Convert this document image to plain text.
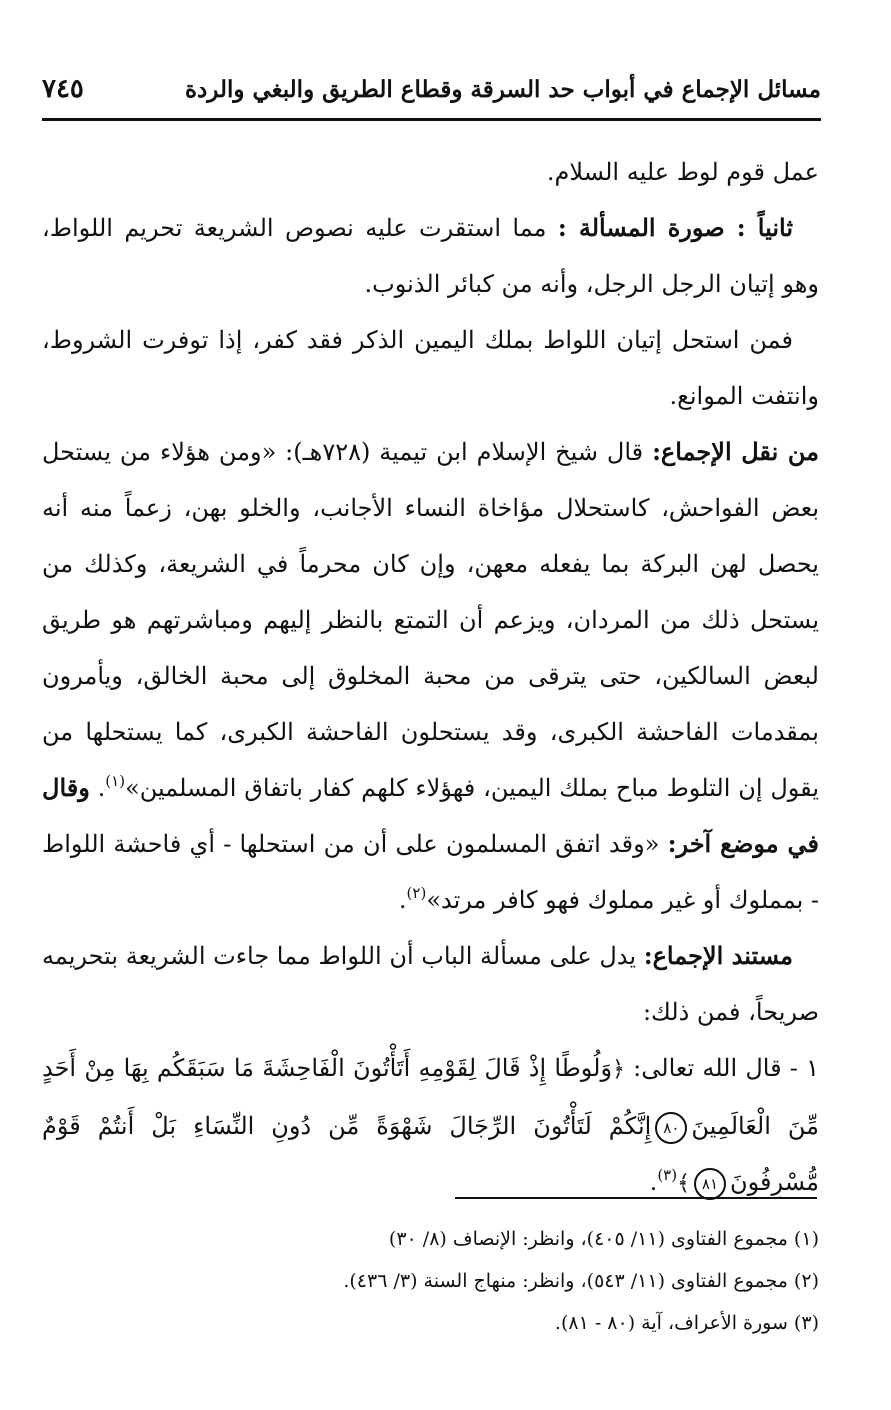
مسائل الإجماع في أبواب حد السرقة وقطاع الطريق والبغي والردة
٧٤٥

عمل قوم لوط عليه السلام.

ثانياً : صورة المسألة : مما استقرت عليه نصوص الشريعة تحريم اللواط، وهو إتيان الرجل الرجل، وأنه من كبائر الذنوب.

فمن استحل إتيان اللواط بملك اليمين الذكر فقد كفر، إذا توفرت الشروط، وانتفت الموانع.

من نقل الإجماع: قال شيخ الإسلام ابن تيمية (٧٢٨هـ): «ومن هؤلاء من يستحل بعض الفواحش، كاستحلال مؤاخاة النساء الأجانب، والخلو بهن، زعماً منه أنه يحصل لهن البركة بما يفعله معهن، وإن كان محرماً في الشريعة، وكذلك من يستحل ذلك من المردان، ويزعم أن التمتع بالنظر إليهم ومباشرتهم هو طريق لبعض السالكين، حتى يترقى من محبة المخلوق إلى محبة الخالق، ويأمرون بمقدمات الفاحشة الكبرى، وقد يستحلون الفاحشة الكبرى، كما يستحلها من يقول إن التلوط مباح بملك اليمين، فهؤلاء كلهم كفار باتفاق المسلمين»$^{(١)}$. وقال في موضع آخر: «وقد اتفق المسلمون على أن من استحلها - أي فاحشة اللواط - بمملوك أو غير مملوك فهو كافر مرتد»$^{(٢)}$.

مستند الإجماع: يدل على مسألة الباب أن اللواط مما جاءت الشريعة بتحريمه صريحاً، فمن ذلك:

١ - قال الله تعالى: ﴿وَلُوطًا إِذْ قَالَ لِقَوْمِهِ أَتَأْتُونَ الْفَاحِشَةَ مَا سَبَقَكُم بِهَا مِنْ أَحَدٍ مِّنَ الْعَالَمِينَ٨٠إِنَّكُمْ لَتَأْتُونَ الرِّجَالَ شَهْوَةً مِّن دُونِ النِّسَاءِ بَلْ أَنتُمْ قَوْمٌ مُّسْرِفُونَ٨١﴾$^{(٣)}$.

(١) مجموع الفتاوى (١١/ ٤٠٥)، وانظر: الإنصاف (٨/ ٣٠)

(٢) مجموع الفتاوى (١١/ ٥٤٣)، وانظر: منهاج السنة (٣/ ٤٣٦).

(٣) سورة الأعراف، آية (٨٠ - ٨١).
